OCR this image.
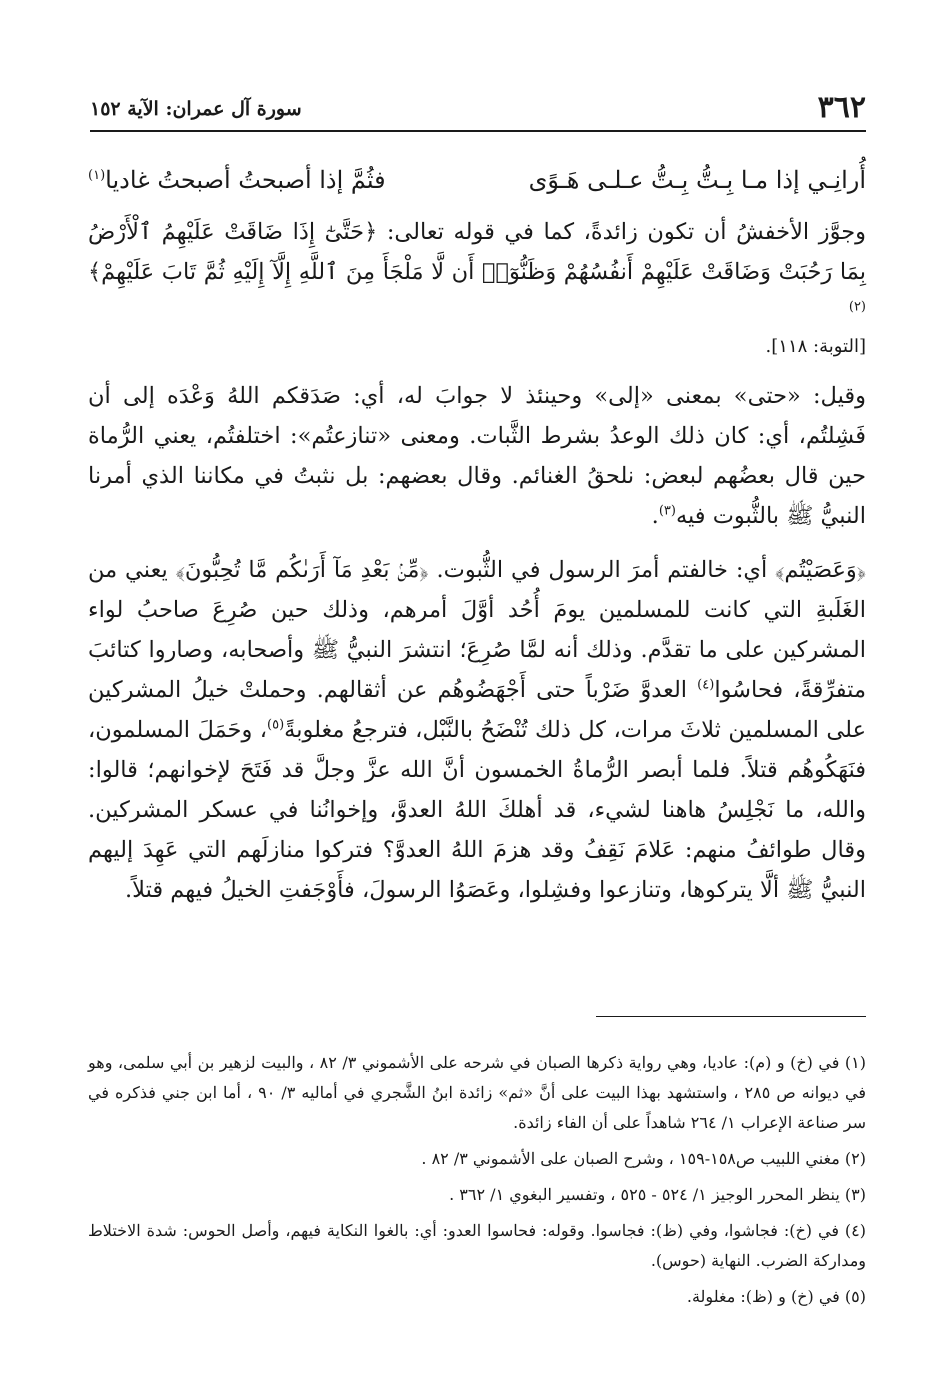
٣٦٢
سورة آل عمران: الآية ١٥٢
أُرانِـي إذا مـا بِـتُّ بِـتُّ عـلـى هَـوًى
فثُمَّ إذا أصبحتُ أصبحتُ غاديا$^{(١)}$

وجوَّز الأخفشُ أن تكون زائدةً، كما في قوله تعالى: ﴿حَتَّىٰٓ إِذَا ضَاقَتْ عَلَيْهِمُ ٱلْأَرْضُ بِمَا رَحُبَتْ وَضَاقَتْ عَلَيْهِمْ أَنفُسُهُمْ وَظَنُّوٓا۟ أَن لَّا مَلْجَأَ مِنَ ٱللَّهِ إِلَّآ إِلَيْهِ ثُمَّ تَابَ عَلَيْهِمْ﴾$^{(٢)}$

[التوبة: ١١٨].

وقيل: «حتى» بمعنى «إلى» وحينئذ لا جوابَ له، أي: صَدَقكم اللهُ وَعْدَه إلى أن فَشِلتُم، أي: كان ذلك الوعدُ بشرط الثَّبات. ومعنى «تنازعتُم»: اختلفتُم، يعني الرُّماة حين قال بعضُهم لبعض: نلحقُ الغنائم. وقال بعضهم: بل نثبتُ في مكاننا الذي أمرنا النبيُّ ﷺ بالثُّبوت فيه$^{(٣)}$.

﴿وَعَصَيْتُم﴾ أي: خالفتم أمرَ الرسول في الثُّبوت. ﴿مِّنۢ بَعْدِ مَآ أَرَىٰكُم مَّا تُحِبُّونَ﴾ يعني من الغَلَبةِ التي كانت للمسلمين يومَ أُحُد أوَّلَ أمرهم، وذلك حين صُرِعَ صاحبُ لواء المشركين على ما تقدَّم. وذلك أنه لمَّا صُرِعَ؛ انتشرَ النبيُّ ﷺ وأصحابه، وصاروا كتائبَ متفرِّقةً، فحاسُوا$^{(٤)}$ العدوَّ ضَرْباً حتى أَجْهَضُوهُم عن أثقالهم. وحملتْ خيلُ المشركين على المسلمين ثلاثَ مرات، كل ذلك تُنْضَحُ بالنَّبْل، فترجعُ مغلوبةً$^{(٥)}$، وحَمَلَ المسلمون، فنَهَكُوهُم قتلاً. فلما أبصر الرُّماةُ الخمسون أنَّ الله عزَّ وجلَّ قد فَتَحَ لإخوانهم؛ قالوا: والله، ما نَجْلِسُ هاهنا لشيء، قد أهلكَ اللهُ العدوَّ، وإخوانُنا في عسكر المشركين. وقال طوائفُ منهم: عَلامَ نَقِفُ وقد هزمَ اللهُ العدوَّ؟ فتركوا منازلَهم التي عَهِدَ إليهم النبيُّ ﷺ ألَّا يتركوها، وتنازعوا وفشِلوا، وعَصَوُا الرسولَ، فأَوْجَفتِ الخيلُ فيهم قتلاً.

(١) في (خ) و (م): عاديا، وهي رواية ذكرها الصبان في شرحه على الأشموني ٣/ ٨٢ ، والبيت لزهير بن أبي سلمى، وهو في ديوانه ص ٢٨٥ ، واستشهد بهذا البيت على أنَّ «ثم» زائدة ابنُ الشَّجري في أماليه ٣/ ٩٠ ، أما ابن جني فذكره في سر صناعة الإعراب ١/ ٢٦٤ شاهداً على أن الفاء زائدة.

(٢) مغني اللبيب ص١٥٨-١٥٩ ، وشرح الصبان على الأشموني ٣/ ٨٢ .

(٣) ينظر المحرر الوجيز ١/ ٥٢٤ - ٥٢٥ ، وتفسير البغوي ١/ ٣٦٢ .

(٤) في (خ): فجاشوا، وفي (ظ): فجاسوا. وقوله: فحاسوا العدو: أي: بالغوا النكاية فيهم، وأصل الحوس: شدة الاختلاط ومداركة الضرب. النهاية (حوس).

(٥) في (خ) و (ظ): مغلولة.
